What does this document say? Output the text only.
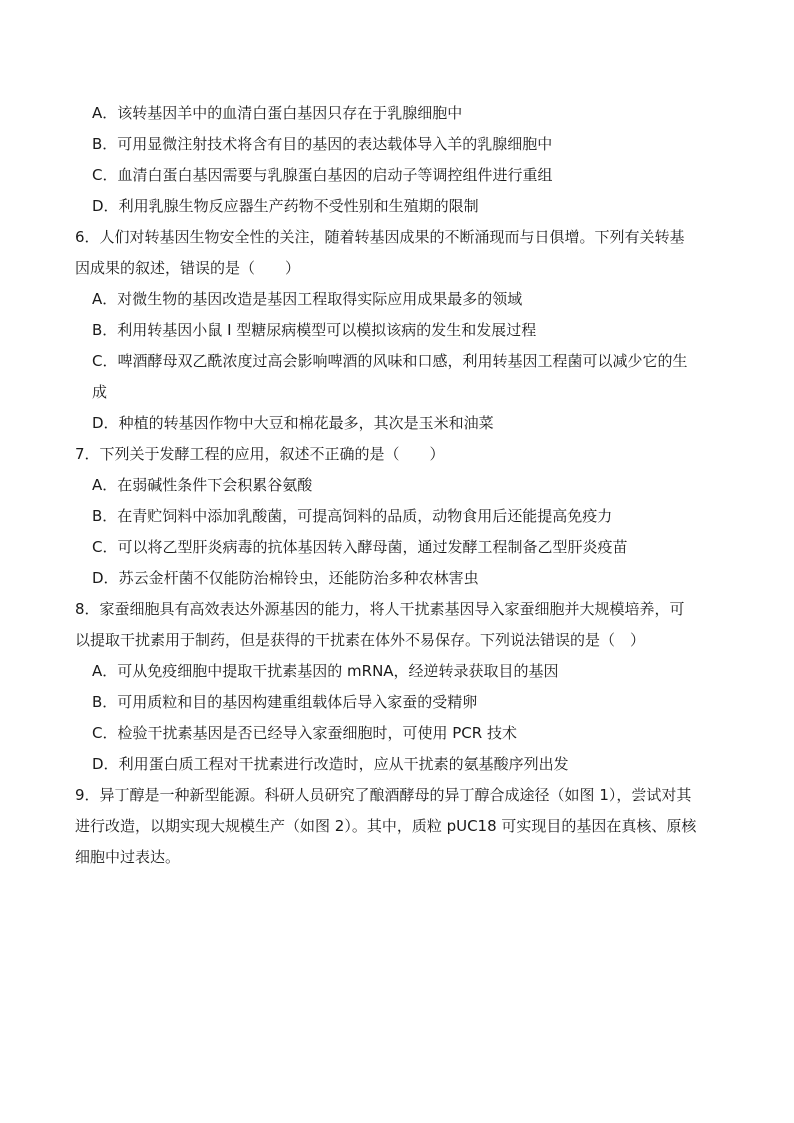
A．该转基因羊中的血清白蛋白基因只存在于乳腺细胞中
B．可用显微注射技术将含有目的基因的表达载体导入羊的乳腺细胞中
C．血清白蛋白基因需要与乳腺蛋白基因的启动子等调控组件进行重组
D．利用乳腺生物反应器生产药物不受性别和生殖期的限制
6．人们对转基因生物安全性的关注，随着转基因成果的不断涌现而与日俱增。下列有关转基
因成果的叙述，错误的是（　　）
A．对微生物的基因改造是基因工程取得实际应用成果最多的领域
B．利用转基因小鼠 I 型糖尿病模型可以模拟该病的发生和发展过程
C．啤酒酵母双乙酰浓度过高会影响啤酒的风味和口感，利用转基因工程菌可以减少它的生
成
D．种植的转基因作物中大豆和棉花最多，其次是玉米和油菜
7．下列关于发酵工程的应用，叙述不正确的是（　　）
A．在弱碱性条件下会积累谷氨酸
B．在青贮饲料中添加乳酸菌，可提高饲料的品质，动物食用后还能提高免疫力
C．可以将乙型肝炎病毒的抗体基因转入酵母菌，通过发酵工程制备乙型肝炎疫苗
D．苏云金杆菌不仅能防治棉铃虫，还能防治多种农林害虫
8．家蚕细胞具有高效表达外源基因的能力，将人干扰素基因导入家蚕细胞并大规模培养，可
以提取干扰素用于制药，但是获得的干扰素在体外不易保存。下列说法错误的是（　）
A．可从免疫细胞中提取干扰素基因的 mRNA，经逆转录获取目的基因
B．可用质粒和目的基因构建重组载体后导入家蚕的受精卵
C．检验干扰素基因是否已经导入家蚕细胞时，可使用 PCR 技术
D．利用蛋白质工程对干扰素进行改造时，应从干扰素的氨基酸序列出发
9．异丁醇是一种新型能源。科研人员研究了酿酒酵母的异丁醇合成途径（如图 1），尝试对其
进行改造，以期实现大规模生产（如图 2）。其中，质粒 pUC18 可实现目的基因在真核、原核
细胞中过表达。
